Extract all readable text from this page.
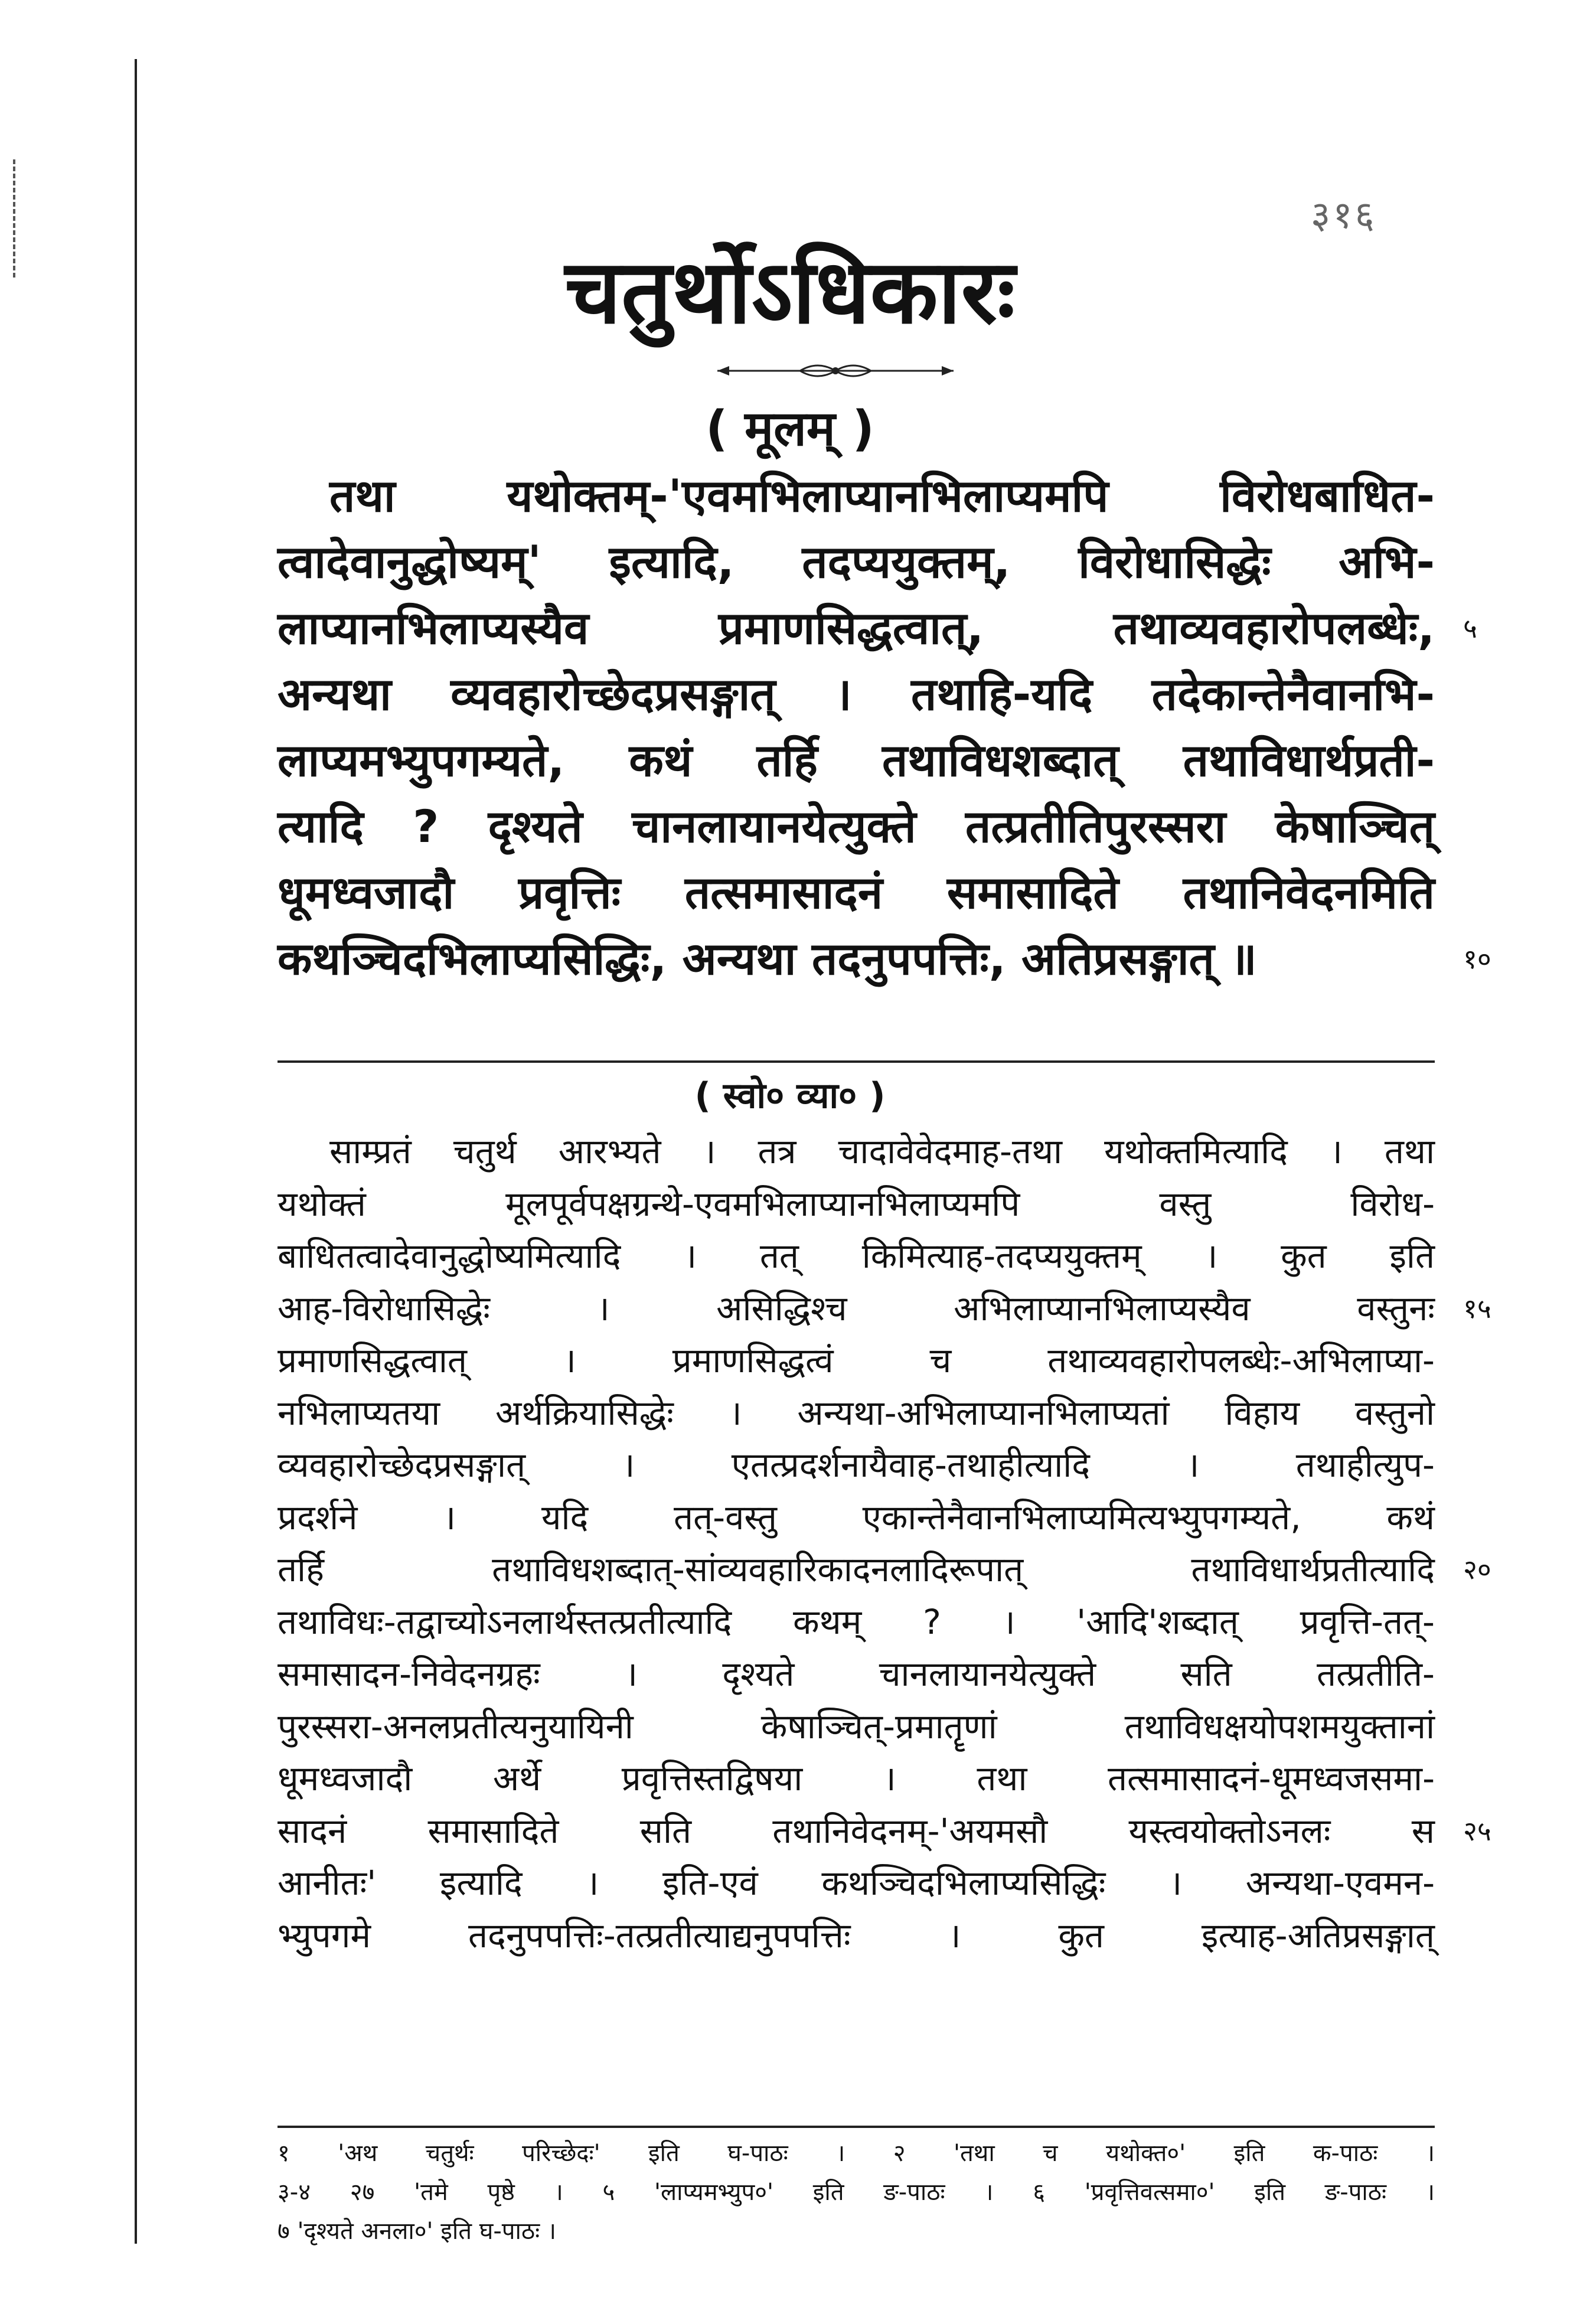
३१६
चतुर्थोऽधिकारः
( मूलम् )
तथा यथोक्तम्-'एवमभिलाप्यानभिलाप्यमपि विरोधबाधित-
त्वादेवानुद्धोष्यम्' इत्यादि, तदप्ययुक्तम्, विरोधासिद्धेः अभि-
लाप्यानभिलाप्यस्यैव प्रमाणसिद्धत्वात्, तथाव्यवहारोपलब्धेः, ५
अन्यथा व्यवहारोच्छेदप्रसङ्गात् । तथाहि-यदि तदेकान्तेनैवानभि-
लाप्यमभ्युपगम्यते, कथं तर्हि तथाविधशब्दात् तथाविधार्थप्रती-
त्यादि ? दृश्यते चानलायानयेत्युक्ते तत्प्रतीतिपुरस्सरा केषाञ्चित्
धूमध्वजादौ प्रवृत्तिः तत्समासादनं समासादिते तथानिवेदनमिति
कथञ्चिदभिलाप्यसिद्धिः, अन्यथा तदनुपपत्तिः, अतिप्रसङ्गात् ॥	१०
( स्वो० व्या० )
साम्प्रतं चतुर्थ आरभ्यते । तत्र चादावेवेदमाह-तथा यथोक्तमित्यादि । तथा
यथोक्तं मूलपूर्वपक्षग्रन्थे-एवमभिलाप्यानभिलाप्यमपि वस्तु विरोध-
बाधितत्वादेवानुद्धोष्यमित्यादि । तत् किमित्याह-तदप्ययुक्तम् । कुत इति
आह-विरोधासिद्धेः । असिद्धिश्च अभिलाप्यानभिलाप्यस्यैव वस्तुनः १५
प्रमाणसिद्धत्वात् । प्रमाणसिद्धत्वं च तथाव्यवहारोपलब्धेः-अभिलाप्या-
नभिलाप्यतया अर्थक्रियासिद्धेः । अन्यथा-अभिलाप्यानभिलाप्यतां विहाय वस्तुनो
व्यवहारोच्छेदप्रसङ्गात् । एतत्प्रदर्शनायैवाह-तथाहीत्यादि । तथाहीत्युप-
प्रदर्शने । यदि तत्-वस्तु एकान्तेनैवानभिलाप्यमित्यभ्युपगम्यते, कथं
तर्हि तथाविधशब्दात्-सांव्यवहारिकादनलादिरूपात् तथाविधार्थप्रतीत्यादि २०
तथाविधः-तद्वाच्योऽनलार्थस्तत्प्रतीत्यादि कथम् ? । 'आदि'शब्दात् प्रवृत्ति-तत्-
समासादन-निवेदनग्रहः । दृश्यते चानलायानयेत्युक्ते सति तत्प्रतीति-
पुरस्सरा-अनलप्रतीत्यनुयायिनी केषाञ्चित्-प्रमातॄणां तथाविधक्षयोपशमयुक्तानां
धूमध्वजादौ अर्थे प्रवृत्तिस्तद्विषया । तथा तत्समासादनं-धूमध्वजसमा-
सादनं समासादिते सति तथानिवेदनम्-'अयमसौ यस्त्वयोक्तोऽनलः स २५
आनीतः' इत्यादि । इति-एवं कथञ्चिदभिलाप्यसिद्धिः । अन्यथा-एवमन-
भ्युपगमे तदनुपपत्तिः-तत्प्रतीत्याद्यनुपपत्तिः । कुत इत्याह-अतिप्रसङ्गात्
१ 'अथ चतुर्थः परिच्छेदः' इति घ-पाठः । २ 'तथा च यथोक्त०' इति क-पाठः ।
३-४ २७ 'तमे पृष्ठे । ५ 'लाप्यमभ्युप०' इति ङ-पाठः । ६ 'प्रवृत्तिवत्समा०' इति ङ-पाठः ।
७ 'दृश्यते अनला०' इति घ-पाठः ।
